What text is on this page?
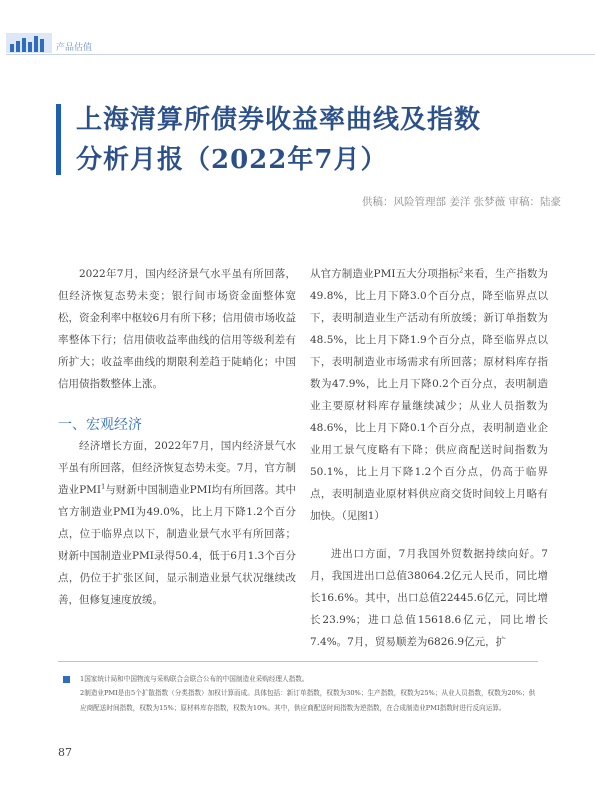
产品估值
上海清算所债券收益率曲线及指数
分析月报（2022年7月）
供稿：风险管理部 姜洋 张梦薇 审稿：陆豪

2022年7月，国内经济景气水平虽有所回落，但经济恢复态势未变；银行间市场资金面整体宽松，资金利率中枢较6月有所下移；信用债市场收益率整体下行；信用债收益率曲线的信用等级利差有所扩大；收益率曲线的期限利差趋于陡峭化；中国信用债指数整体上涨。

一、宏观经济

经济增长方面，2022年7月，国内经济景气水平虽有所回落，但经济恢复态势未变。7月，官方制造业PMI$^1$与财新中国制造业PMI均有所回落。其中官方制造业PMI为49.0%，比上月下降1.2个百分点，位于临界点以下，制造业景气水平有所回落；财新中国制造业PMI录得50.4，低于6月1.3个百分点，仍位于扩张区间，显示制造业景气状况继续改善，但修复速度放缓。

从官方制造业PMI五大分项指标$^2$来看，生产指数为49.8%，比上月下降3.0个百分点，降至临界点以下，表明制造业生产活动有所放缓；新订单指数为48.5%，比上月下降1.9个百分点，降至临界点以下，表明制造业市场需求有所回落；原材料库存指数为47.9%，比上月下降0.2个百分点，表明制造业主要原材料库存量继续减少；从业人员指数为48.6%，比上月下降0.1个百分点，表明制造业企业用工景气度略有下降；供应商配送时间指数为50.1%，比上月下降1.2个百分点，仍高于临界点，表明制造业原材料供应商交货时间较上月略有加快。（见图1）

进出口方面，7月我国外贸数据持续向好。7月，我国进出口总值38064.2亿元人民币，同比增长16.6%。其中，出口总值22445.6亿元，同比增长23.9%；进口总值15618.6亿元，同比增长7.4%。7月，贸易顺差为6826.9亿元，扩

1国家统计局和中国物流与采购联合会联合公布的中国制造业采购经理人指数。
2制造业PMI是由5个扩散指数（分类指数）加权计算而成。具体包括：新订单指数，权数为30%；生产指数，权数为25%；从业人员指数，权数为20%；供应商配送时间指数，权数为15%；原材料库存指数，权数为10%。其中，供应商配送时间指数为逆指数，在合成制造业PMI指数时进行反向运算。
87
